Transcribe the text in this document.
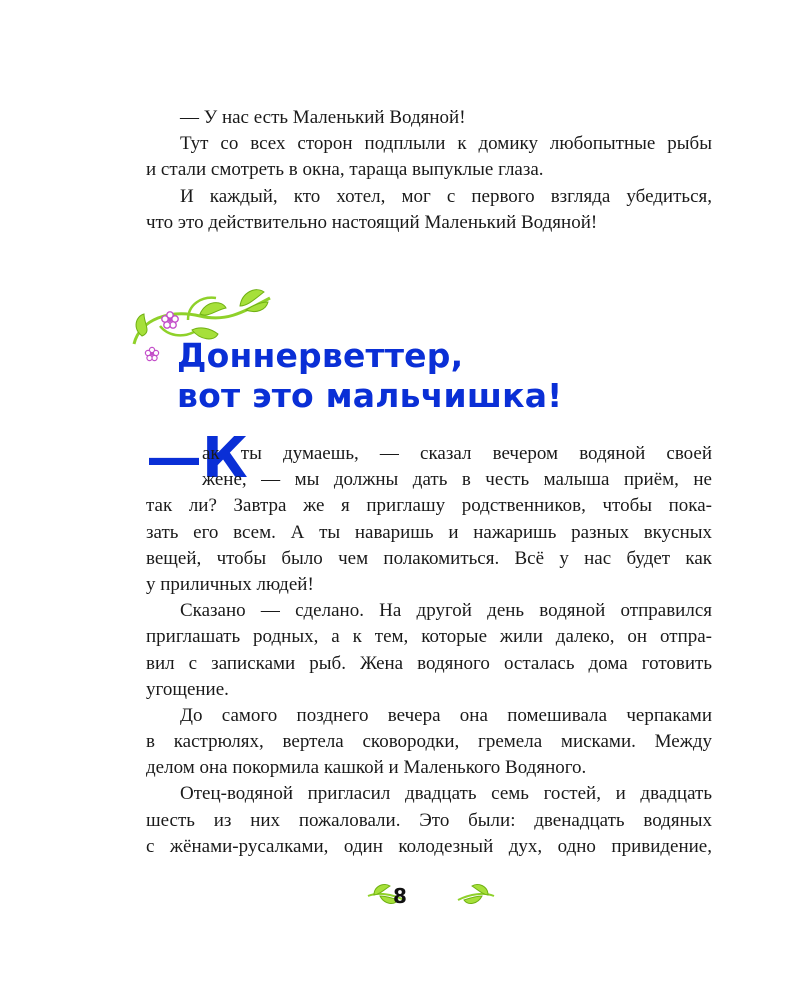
— У нас есть Маленький Водяной!
Тут со всех сторон подплыли к домику любопытные рыбы
и стали смотреть в окна, тараща выпуклые глаза.
И каждый, кто хотел, мог с первого взгляда убедиться,
что это действительно настоящий Маленький Водяной!
Доннерветтер,
вот это мальчишка!
—К
ак ты думаешь, — сказал вечером водяной своей
жене, — мы должны дать в честь малыша приём, не
так ли? Завтра же я приглашу родственников, чтобы пока-
зать его всем. А ты наваришь и нажаришь разных вкусных
вещей, чтобы было чем полакомиться. Всё у нас будет как
у приличных людей!
Сказано — сделано. На другой день водяной отправился
приглашать родных, а к тем, которые жили далеко, он отпра-
вил с записками рыб. Жена водяного осталась дома готовить
угощение.
До самого позднего вечера она помешивала черпаками
в кастрюлях, вертела сковородки, гремела мисками. Между
делом она покормила кашкой и Маленького Водяного.
Отец-водяной пригласил двадцать семь гостей, и двадцать
шесть из них пожаловали. Это были: двенадцать водяных
с жёнами-русалками, один колодезный дух, одно привидение,
8
